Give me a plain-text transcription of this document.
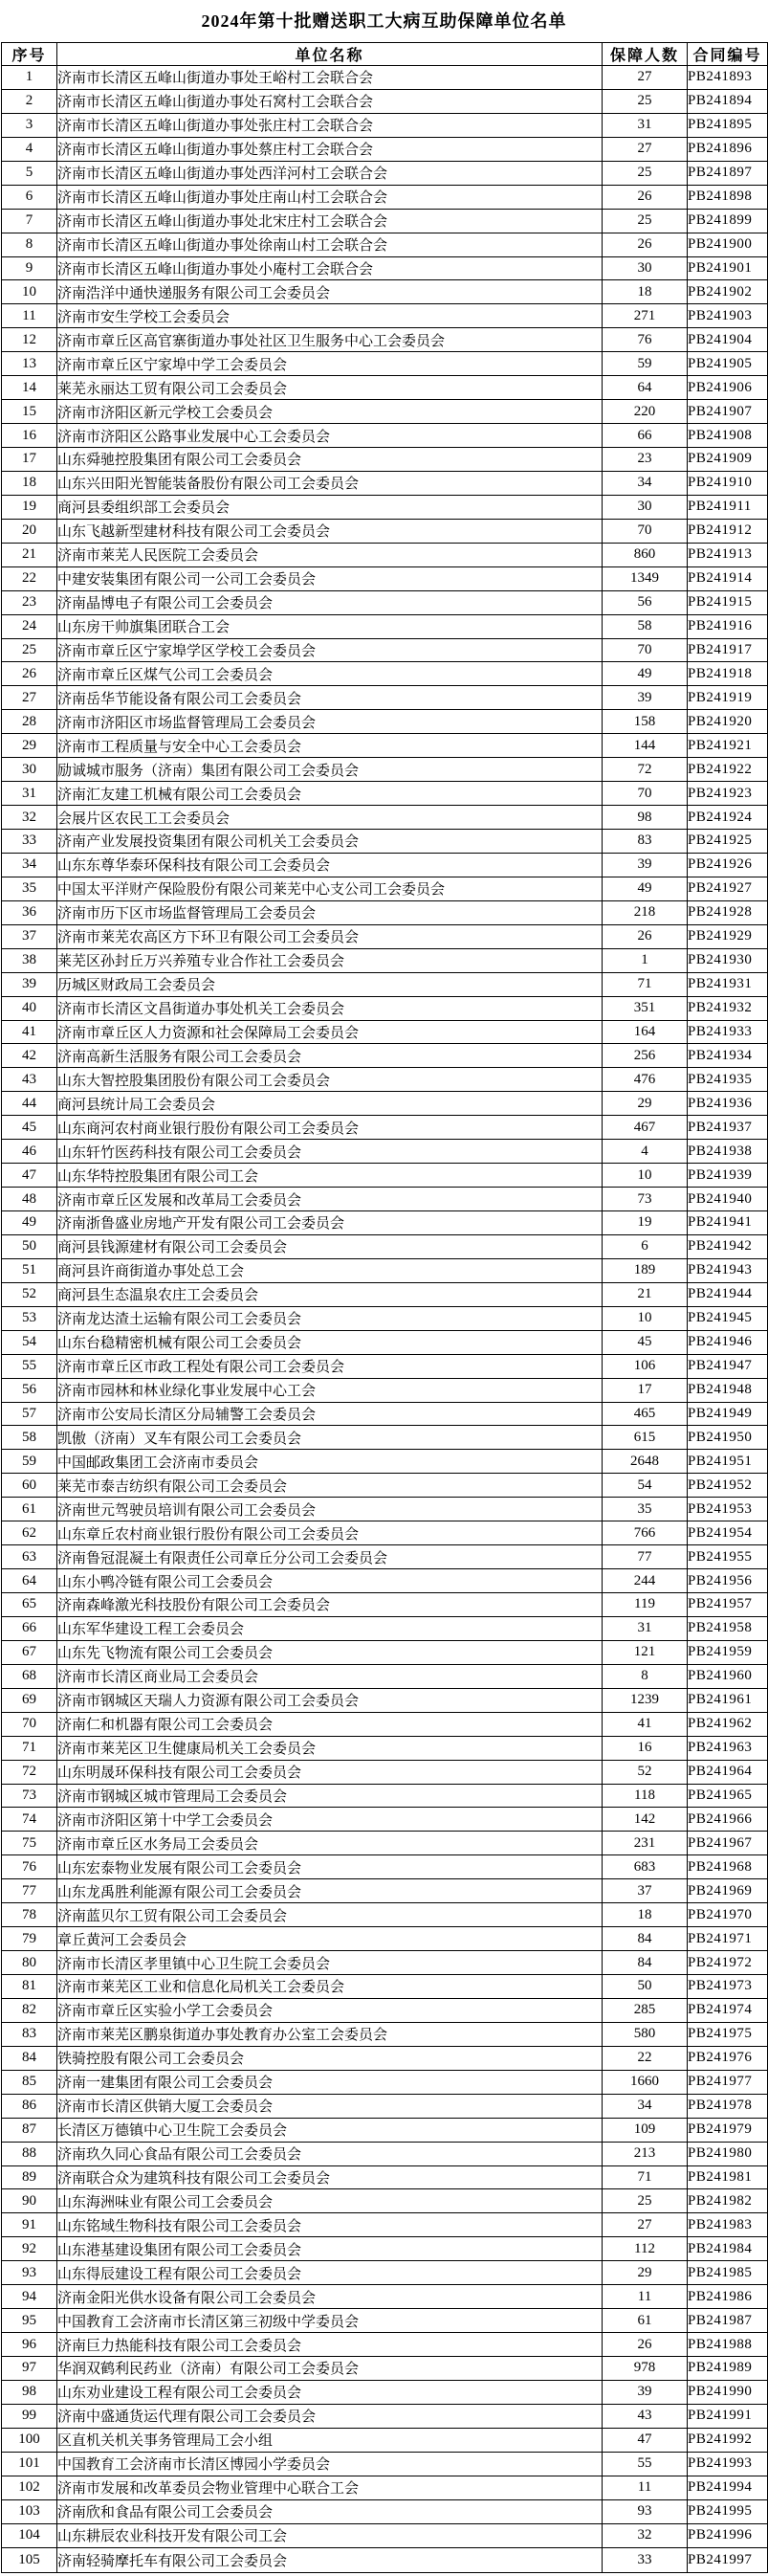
2024年第十批赠送职工大病互助保障单位名单
序号	单位名称	保障人数	合同编号
1	济南市长清区五峰山街道办事处王峪村工会联合会	27	PB241893
2	济南市长清区五峰山街道办事处石窝村工会联合会	25	PB241894
3	济南市长清区五峰山街道办事处张庄村工会联合会	31	PB241895
4	济南市长清区五峰山街道办事处蔡庄村工会联合会	27	PB241896
5	济南市长清区五峰山街道办事处西洋河村工会联合会	25	PB241897
6	济南市长清区五峰山街道办事处庄南山村工会联合会	26	PB241898
7	济南市长清区五峰山街道办事处北宋庄村工会联合会	25	PB241899
8	济南市长清区五峰山街道办事处徐南山村工会联合会	26	PB241900
9	济南市长清区五峰山街道办事处小庵村工会联合会	30	PB241901
10	济南浩洋中通快递服务有限公司工会委员会	18	PB241902
11	济南市安生学校工会委员会	271	PB241903
12	济南市章丘区高官寨街道办事处社区卫生服务中心工会委员会	76	PB241904
13	济南市章丘区宁家埠中学工会委员会	59	PB241905
14	莱芜永丽达工贸有限公司工会委员会	64	PB241906
15	济南市济阳区新元学校工会委员会	220	PB241907
16	济南市济阳区公路事业发展中心工会委员会	66	PB241908
17	山东舜驰控股集团有限公司工会委员会	23	PB241909
18	山东兴田阳光智能装备股份有限公司工会委员会	34	PB241910
19	商河县委组织部工会委员会	30	PB241911
20	山东飞越新型建材科技有限公司工会委员会	70	PB241912
21	济南市莱芜人民医院工会委员会	860	PB241913
22	中建安装集团有限公司一公司工会委员会	1349	PB241914
23	济南晶博电子有限公司工会委员会	56	PB241915
24	山东房干帅旗集团联合工会	58	PB241916
25	济南市章丘区宁家埠学区学校工会委员会	70	PB241917
26	济南市章丘区煤气公司工会委员会	49	PB241918
27	济南岳华节能设备有限公司工会委员会	39	PB241919
28	济南市济阳区市场监督管理局工会委员会	158	PB241920
29	济南市工程质量与安全中心工会委员会	144	PB241921
30	励诚城市服务（济南）集团有限公司工会委员会	72	PB241922
31	济南汇友建工机械有限公司工会委员会	70	PB241923
32	会展片区农民工工会委员会	98	PB241924
33	济南产业发展投资集团有限公司机关工会委员会	83	PB241925
34	山东东尊华泰环保科技有限公司工会委员会	39	PB241926
35	中国太平洋财产保险股份有限公司莱芜中心支公司工会委员会	49	PB241927
36	济南市历下区市场监督管理局工会委员会	218	PB241928
37	济南市莱芜农高区方下环卫有限公司工会委员会	26	PB241929
38	莱芜区孙封丘万兴养殖专业合作社工会委员会	1	PB241930
39	历城区财政局工会委员会	71	PB241931
40	济南市长清区文昌街道办事处机关工会委员会	351	PB241932
41	济南市章丘区人力资源和社会保障局工会委员会	164	PB241933
42	济南高新生活服务有限公司工会委员会	256	PB241934
43	山东大智控股集团股份有限公司工会委员会	476	PB241935
44	商河县统计局工会委员会	29	PB241936
45	山东商河农村商业银行股份有限公司工会委员会	467	PB241937
46	山东轩竹医药科技有限公司工会委员会	4	PB241938
47	山东华特控股集团有限公司工会	10	PB241939
48	济南市章丘区发展和改革局工会委员会	73	PB241940
49	济南浙鲁盛业房地产开发有限公司工会委员会	19	PB241941
50	商河县钱源建材有限公司工会委员会	6	PB241942
51	商河县许商街道办事处总工会	189	PB241943
52	商河县生态温泉农庄工会委员会	21	PB241944
53	济南龙达渣土运输有限公司工会委员会	10	PB241945
54	山东台稳精密机械有限公司工会委员会	45	PB241946
55	济南市章丘区市政工程处有限公司工会委员会	106	PB241947
56	济南市园林和林业绿化事业发展中心工会	17	PB241948
57	济南市公安局长清区分局辅警工会委员会	465	PB241949
58	凯傲（济南）叉车有限公司工会委员会	615	PB241950
59	中国邮政集团工会济南市委员会	2648	PB241951
60	莱芜市泰吉纺织有限公司工会委员会	54	PB241952
61	济南世元驾驶员培训有限公司工会委员会	35	PB241953
62	山东章丘农村商业银行股份有限公司工会委员会	766	PB241954
63	济南鲁冠混凝土有限责任公司章丘分公司工会委员会	77	PB241955
64	山东小鸭冷链有限公司工会委员会	244	PB241956
65	济南森峰激光科技股份有限公司工会委员会	119	PB241957
66	山东军华建设工程工会委员会	31	PB241958
67	山东先飞物流有限公司工会委员会	121	PB241959
68	济南市长清区商业局工会委员会	8	PB241960
69	济南市钢城区天瑞人力资源有限公司工会委员会	1239	PB241961
70	济南仁和机器有限公司工会委员会	41	PB241962
71	济南市莱芜区卫生健康局机关工会委员会	16	PB241963
72	山东明晟环保科技有限公司工会委员会	52	PB241964
73	济南市钢城区城市管理局工会委员会	118	PB241965
74	济南市济阳区第十中学工会委员会	142	PB241966
75	济南市章丘区水务局工会委员会	231	PB241967
76	山东宏泰物业发展有限公司工会委员会	683	PB241968
77	山东龙禹胜利能源有限公司工会委员会	37	PB241969
78	济南蓝贝尔工贸有限公司工会委员会	18	PB241970
79	章丘黄河工会委员会	84	PB241971
80	济南市长清区孝里镇中心卫生院工会委员会	84	PB241972
81	济南市莱芜区工业和信息化局机关工会委员会	50	PB241973
82	济南市章丘区实验小学工会委员会	285	PB241974
83	济南市莱芜区鹏泉街道办事处教育办公室工会委员会	580	PB241975
84	铁骑控股有限公司工会委员会	22	PB241976
85	济南一建集团有限公司工会委员会	1660	PB241977
86	济南市长清区供销大厦工会委员会	34	PB241978
87	长清区万德镇中心卫生院工会委员会	109	PB241979
88	济南玖久同心食品有限公司工会委员会	213	PB241980
89	济南联合众为建筑科技有限公司工会委员会	71	PB241981
90	山东海洲味业有限公司工会委员会	25	PB241982
91	山东铭域生物科技有限公司工会委员会	27	PB241983
92	山东港基建设集团有限公司工会委员会	112	PB241984
93	山东得辰建设工程有限公司工会委员会	29	PB241985
94	济南金阳光供水设备有限公司工会委员会	11	PB241986
95	中国教育工会济南市长清区第三初级中学委员会	61	PB241987
96	济南巨力热能科技有限公司工会委员会	26	PB241988
97	华润双鹤利民药业（济南）有限公司工会委员会	978	PB241989
98	山东劝业建设工程有限公司工会委员会	39	PB241990
99	济南中盛通货运代理有限公司工会委员会	43	PB241991
100	区直机关机关事务管理局工会小组	47	PB241992
101	中国教育工会济南市长清区博园小学委员会	55	PB241993
102	济南市发展和改革委员会物业管理中心联合工会	11	PB241994
103	济南欣和食品有限公司工会委员会	93	PB241995
104	山东耕辰农业科技开发有限公司工会	32	PB241996
105	济南轻骑摩托车有限公司工会委员会	33	PB241997
